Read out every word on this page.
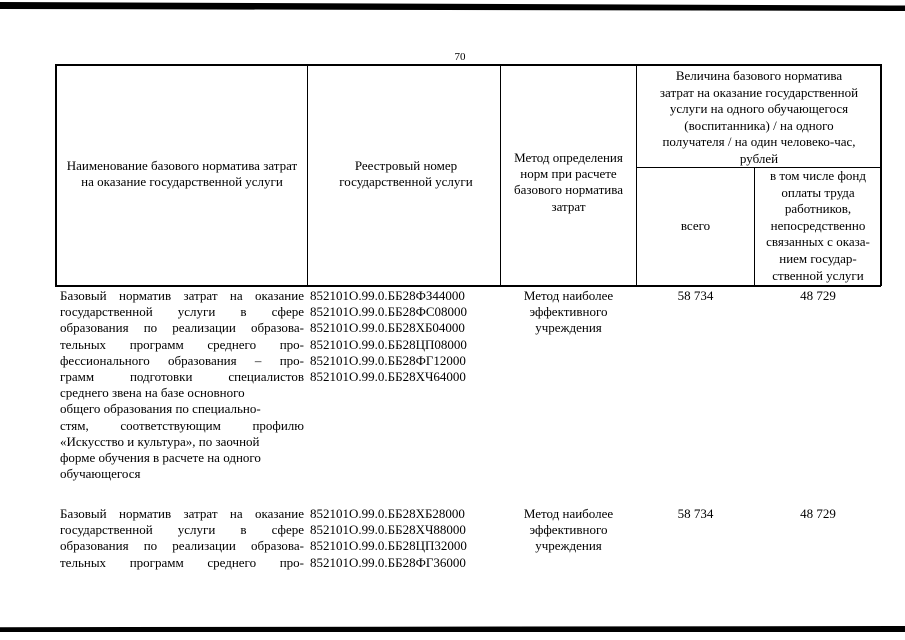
70
Наименование базового норматива затрат на оказание государственной услуги
Реестровый номер государственной услуги
Метод определения норм при расчете базового норматива затрат
Величина базового норматива
затрат на оказание государственной
услуги на одного обучающегося
(воспитанника) / на одного
получателя / на один человеко-час,
рублей
всего
в том числе фонд
оплаты труда
работников,
непосредственно
связанных с оказа-
нием государ-
ственной услуги
Базовый норматив затрат на оказание
государственной услуги в сфере
образования по реализации образова-
тельных программ среднего про-
фессионального образования – про-
грамм подготовки специалистов
среднего звена на базе основного
общего образования по специально-
стям, соответствующим профилю
«Искусство и культура», по заочной
форме обучения в расчете на одного
обучающегося
852101О.99.0.ББ28ФЗ44000
852101О.99.0.ББ28ФС08000
852101О.99.0.ББ28ХБ04000
852101О.99.0.ББ28ЦП08000
852101О.99.0.ББ28ФГ12000
852101О.99.0.ББ28ХЧ64000
Метод наиболее
эффективного
учреждения
58 734	48 729
Базовый норматив затрат на оказание
государственной услуги в сфере
образования по реализации образова-
тельных программ среднего про-
852101О.99.0.ББ28ХБ28000
852101О.99.0.ББ28ХЧ88000
852101О.99.0.ББ28ЦП32000
852101О.99.0.ББ28ФГ36000
Метод наиболее
эффективного
учреждения
58 734	48 729
